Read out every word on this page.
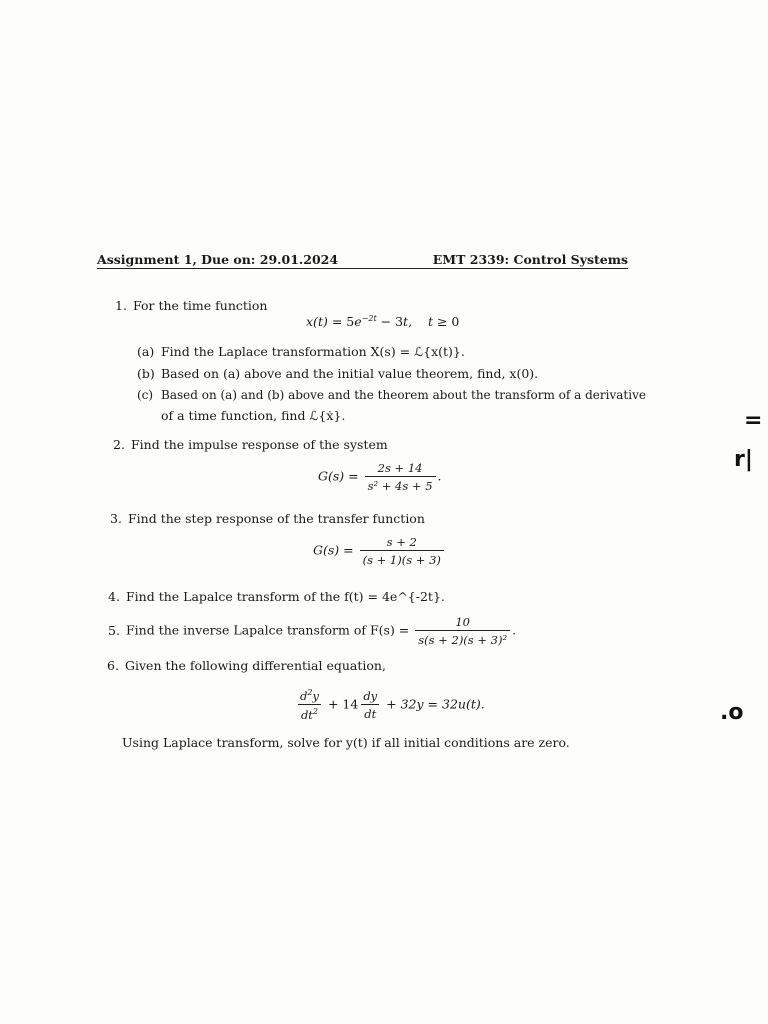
Assignment 1, Due on: 29.01.2024	EMT 2339: Control Systems
1. For the time function
$x(t) = 5e^{-2t} - 3t$, t ≥ 0
(a) Find the Laplace transformation X(s) = ℒ{x(t)}.
(b) Based on (a) above and the initial value theorem, find, x(0).
(c) Based on (a) and (b) above and the theorem about the transform of a derivative
of a time function, find ℒ{ẋ}.
2. Find the impulse response of the system
$G(s) = \frac{2s + 14}{\text{s² + 4s + 5}}$ .
3. Find the step response of the transfer function
$G(s) = \frac{s + 2}{(s + 1)(s + 3)}$
4. Find the Lapalce transform of the f(t) = 4e^{-2t}.
5. Find the inverse Lapalce transform of $F(s) = \frac{10}{\text{s(s + 2)(s + 3)²}}$ .
6. Given the following differential equation,
$\frac{d^2y}{dt^2} + 14 \frac{dy}{dt} + 32y = 32u(t)$.
Using Laplace transform, solve for y(t) if all initial conditions are zero.
=
r|
.o
